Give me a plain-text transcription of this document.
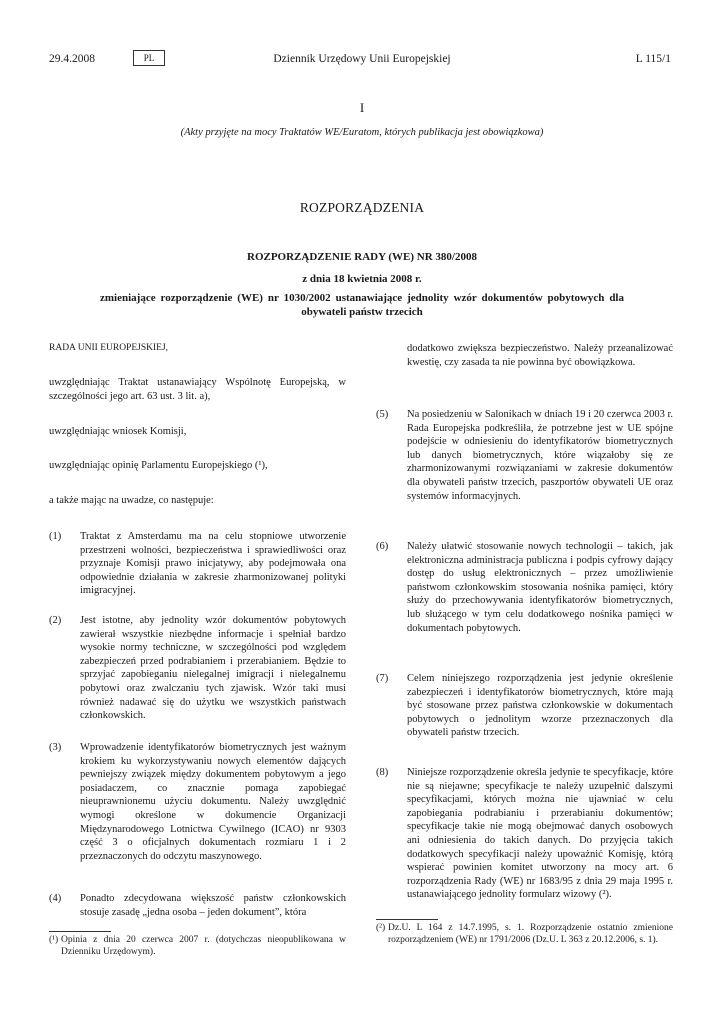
29.4.2008	PL	Dziennik Urzędowy Unii Europejskiej	L 115/1
I
(Akty przyjęte na mocy Traktatów WE/Euratom, których publikacja jest obowiązkowa)
ROZPORZĄDZENIA
ROZPORZĄDZENIE RADY (WE) NR 380/2008
z dnia 18 kwietnia 2008 r.
zmieniające rozporządzenie (WE) nr 1030/2002 ustanawiające jednolity wzór dokumentów pobytowych dla obywateli państw trzecich
RADA UNII EUROPEJSKIEJ,
uwzględniając Traktat ustanawiający Wspólnotę Europejską, w szczególności jego art. 63 ust. 3 lit. a),
uwzględniając wniosek Komisji,
uwzględniając opinię Parlamentu Europejskiego (¹),
a także mając na uwadze, co następuje:
(1) Traktat z Amsterdamu ma na celu stopniowe utworzenie przestrzeni wolności, bezpieczeństwa i sprawiedliwości oraz przyznaje Komisji prawo inicjatywy, aby podejmowała ona odpowiednie działania w zakresie zharmonizowanej polityki imigracyjnej.
(2) Jest istotne, aby jednolity wzór dokumentów pobytowych zawierał wszystkie niezbędne informacje i spełniał bardzo wysokie normy techniczne, w szczególności pod względem zabezpieczeń przed podrabianiem i przerabianiem. Będzie to sprzyjać zapobieganiu nielegalnej imigracji i nielegalnemu pobytowi oraz zwalczaniu tych zjawisk. Wzór taki musi również nadawać się do użytku we wszystkich państwach członkowskich.
(3) Wprowadzenie identyfikatorów biometrycznych jest ważnym krokiem ku wykorzystywaniu nowych elementów dających pewniejszy związek między dokumentem pobytowym a jego posiadaczem, co znacznie pomaga zapobiegać nieuprawnionemu użyciu dokumentu. Należy uwzględnić wymogi określone w dokumencie Organizacji Międzynarodowego Lotnictwa Cywilnego (ICAO) nr 9303 część 3 o oficjalnych dokumentach rozmiaru 1 i 2 przeznaczonych do odczytu maszynowego.
(4) Ponadto zdecydowana większość państw członkowskich stosuje zasadę „jedna osoba – jeden dokument”, która
(¹) Opinia z dnia 20 czerwca 2007 r. (dotychczas nieopublikowana w Dzienniku Urzędowym).
dodatkowo zwiększa bezpieczeństwo. Należy przeanalizować kwestię, czy zasada ta nie powinna być obowiązkowa.
(5) Na posiedzeniu w Salonikach w dniach 19 i 20 czerwca 2003 r. Rada Europejska podkreśliła, że potrzebne jest w UE spójne podejście w odniesieniu do identyfikatorów biometrycznych lub danych biometrycznych, które wiązałoby się ze zharmonizowanymi rozwiązaniami w zakresie dokumentów dla obywateli państw trzecich, paszportów obywateli UE oraz systemów informacyjnych.
(6) Należy ułatwić stosowanie nowych technologii – takich, jak elektroniczna administracja publiczna i podpis cyfrowy dający dostęp do usług elektronicznych – przez umożliwienie państwom członkowskim stosowania nośnika pamięci, który służy do przechowywania identyfikatorów biometrycznych, lub służącego w tym celu dodatkowego nośnika pamięci w dokumentach pobytowych.
(7) Celem niniejszego rozporządzenia jest jedynie określenie zabezpieczeń i identyfikatorów biometrycznych, które mają być stosowane przez państwa członkowskie w dokumentach pobytowych o jednolitym wzorze przeznaczonych dla obywateli państw trzecich.
(8) Niniejsze rozporządzenie określa jedynie te specyfikacje, które nie są niejawne; specyfikacje te należy uzupełnić dalszymi specyfikacjami, których można nie ujawniać w celu zapobiegania podrabianiu i przerabianiu dokumentów; specyfikacje takie nie mogą obejmować danych osobowych ani odniesienia do takich danych. Do przyjęcia takich dodatkowych specyfikacji należy upoważnić Komisję, którą wspierać powinien komitet utworzony na mocy art. 6 rozporządzenia Rady (WE) nr 1683/95 z dnia 29 maja 1995 r. ustanawiającego jednolity formularz wizowy (²).
(²) Dz.U. L 164 z 14.7.1995, s. 1. Rozporządzenie ostatnio zmienione rozporządzeniem (WE) nr 1791/2006 (Dz.U. L 363 z 20.12.2006, s. 1).
